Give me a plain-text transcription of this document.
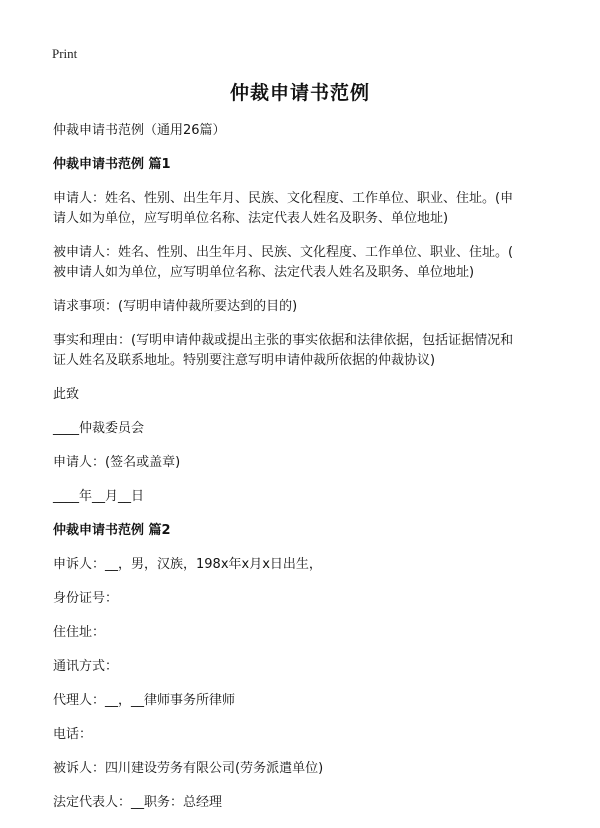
Print
仲裁申请书范例
仲裁申请书范例（通用26篇）
仲裁申请书范例 篇1
申请人：姓名、性别、出生年月、民族、文化程度、工作单位、职业、住址。(申
请人如为单位，应写明单位名称、法定代表人姓名及职务、单位地址)
被申请人：姓名、性别、出生年月、民族、文化程度、工作单位、职业、住址。(
被申请人如为单位，应写明单位名称、法定代表人姓名及职务、单位地址)
请求事项：(写明申请仲裁所要达到的目的)
事实和理由：(写明申请仲裁或提出主张的事实依据和法律依据，包括证据情况和
证人姓名及联系地址。特别要注意写明申请仲裁所依据的仲裁协议)
此致
____仲裁委员会
申请人：(签名或盖章)
____年__月__日
仲裁申请书范例 篇2
申诉人：__，男，汉族，198x年x月x日出生，
身份证号：
住住址：
通讯方式：
代理人：__，__律师事务所律师
电话：
被诉人：四川建设劳务有限公司(劳务派遣单位)
法定代表人：__职务：总经理
